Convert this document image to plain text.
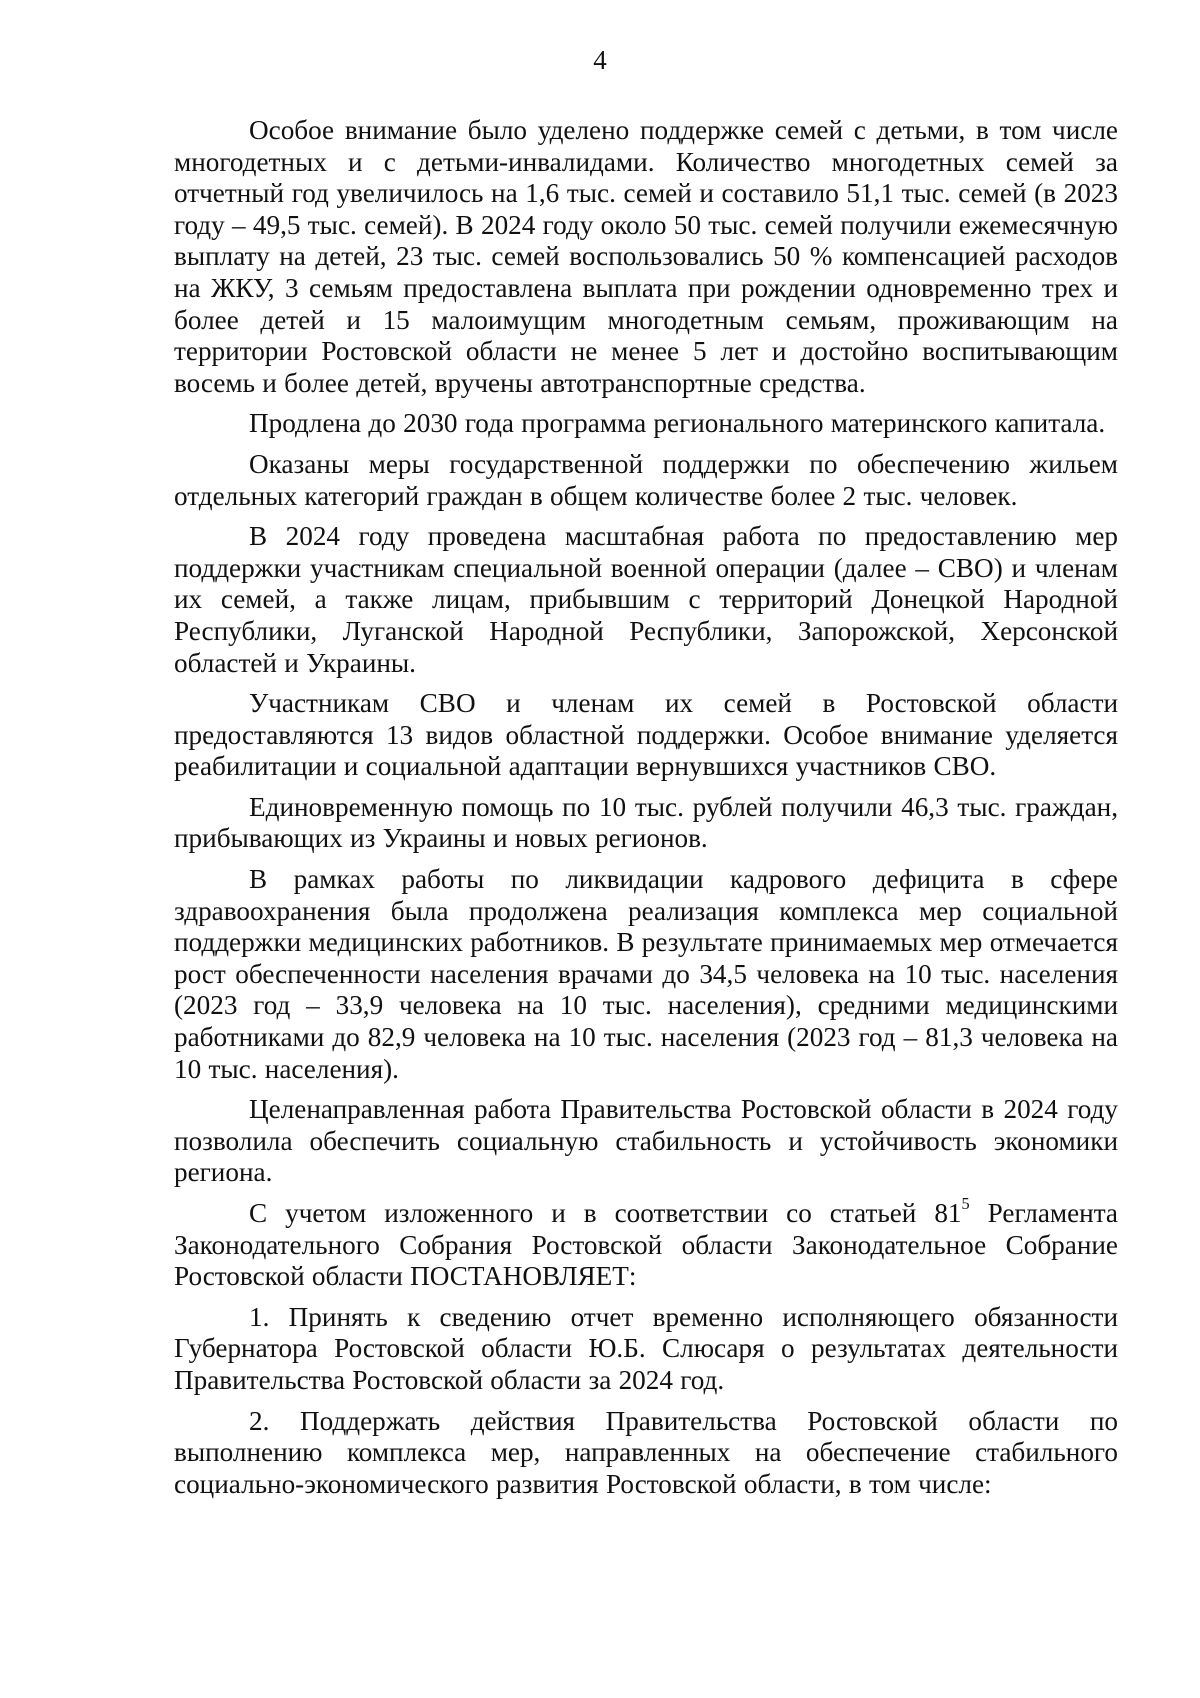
4

Особое внимание было уделено поддержке семей с детьми, в том числе многодетных и с детьми-инвалидами. Количество многодетных семей за отчетный год увеличилось на 1,6 тыс. семей и составило 51,1 тыс. семей (в 2023 году – 49,5 тыс. семей). В 2024 году около 50 тыс. семей получили ежемесячную выплату на детей, 23 тыс. семей воспользовались 50 % компенсацией расходов на ЖКУ, 3 семьям предоставлена выплата при рождении одновременно трех и более детей и 15 малоимущим многодетным семьям, проживающим на территории Ростовской области не менее 5 лет и достойно воспитывающим восемь и более детей, вручены автотранспортные средства.

Продлена до 2030 года программа регионального материнского капитала.

Оказаны меры государственной поддержки по обеспечению жильем отдельных категорий граждан в общем количестве более 2 тыс. человек.

В 2024 году проведена масштабная работа по предоставлению мер поддержки участникам специальной военной операции (далее – СВО) и членам их семей, а также лицам, прибывшим с территорий Донецкой Народной Республики, Луганской Народной Республики, Запорожской, Херсонской областей и Украины.

Участникам СВО и членам их семей в Ростовской области предоставляются 13 видов областной поддержки. Особое внимание уделяется реабилитации и социальной адаптации вернувшихся участников СВО.

Единовременную помощь по 10 тыс. рублей получили 46,3 тыс. граждан, прибывающих из Украины и новых регионов.

В рамках работы по ликвидации кадрового дефицита в сфере здравоохранения была продолжена реализация комплекса мер социальной поддержки медицинских работников. В результате принимаемых мер отмечается рост обеспеченности населения врачами до 34,5 человека на 10 тыс. населения (2023 год – 33,9 человека на 10 тыс. населения), средними медицинскими работниками до 82,9 человека на 10 тыс. населения (2023 год – 81,3 человека на 10 тыс. населения).

Целенаправленная работа Правительства Ростовской области в 2024 году позволила обеспечить социальную стабильность и устойчивость экономики региона.

С учетом изложенного и в соответствии со статьей $81^5$ Регламента Законодательного Собрания Ростовской области Законодательное Собрание Ростовской области ПОСТАНОВЛЯЕТ:

1. Принять к сведению отчет временно исполняющего обязанности Губернатора Ростовской области Ю.Б. Слюсаря о результатах деятельности Правительства Ростовской области за 2024 год.

2. Поддержать действия Правительства Ростовской области по выполнению комплекса мер, направленных на обеспечение стабильного социально-экономического развития Ростовской области, в том числе:
